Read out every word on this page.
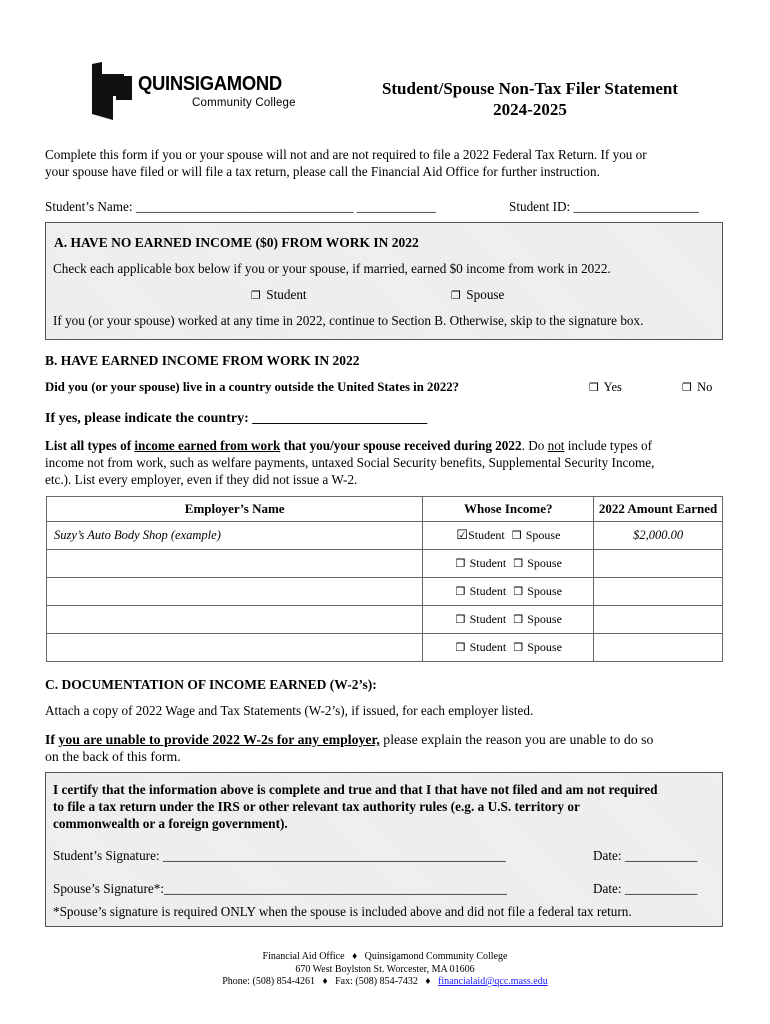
QUINSIGAMOND
Community College
Student/Spouse Non-Tax Filer Statement
2024-2025
Complete this form if you or your spouse will not and are not required to file a 2022 Federal Tax Return. If you or
your spouse have filed or will file a tax return, please call the Financial Aid Office for further instruction.
Student’s Name: _________________________________ ____________	Student ID: ___________________
A. HAVE NO EARNED INCOME ($0) FROM WORK IN 2022
Check each applicable box below if you or your spouse, if married, earned $0 income from work in 2022.
❒ Student	❒ Spouse
If you (or your spouse) worked at any time in 2022, continue to Section B. Otherwise, skip to the signature box.
B. HAVE EARNED INCOME FROM WORK IN 2022
Did you (or your spouse) live in a country outside the United States in 2022?	❒ Yes	❒ No
If yes, please indicate the country: _________________________
List all types of income earned from work that you/your spouse received during 2022. Do not include types of
income not from work, such as welfare payments, untaxed Social Security benefits, Supplemental Security Income,
etc.). List every employer, even if they did not issue a W-2.
Employer’s Name	Whose Income?	2022 Amount Earned
Suzy’s Auto Body Shop (example)	☑Student ❒ Spouse	$2,000.00
	❒ Student ❒ Spouse	
	❒ Student ❒ Spouse	
	❒ Student ❒ Spouse	
	❒ Student ❒ Spouse	
C. DOCUMENTATION OF INCOME EARNED (W-2’s):
Attach a copy of 2022 Wage and Tax Statements (W-2’s), if issued, for each employer listed.
If you are unable to provide 2022 W-2s for any employer, please explain the reason you are unable to do so
on the back of this form.
I certify that the information above is complete and true and that I that have not filed and am not required
to file a tax return under the IRS or other relevant tax authority rules (e.g. a U.S. territory or
commonwealth or a foreign government).
Student’s Signature: ____________________________________________________	Date: ___________
Spouse’s Signature*:____________________________________________________	Date: ___________
*Spouse’s signature is required ONLY when the spouse is included above and did not file a federal tax return.
Financial Aid Office ♦ Quinsigamond Community College
670 West Boylston St. Worcester, MA 01606
Phone: (508) 854-4261 ♦ Fax: (508) 854-7432 ♦ financialaid@qcc.mass.edu
